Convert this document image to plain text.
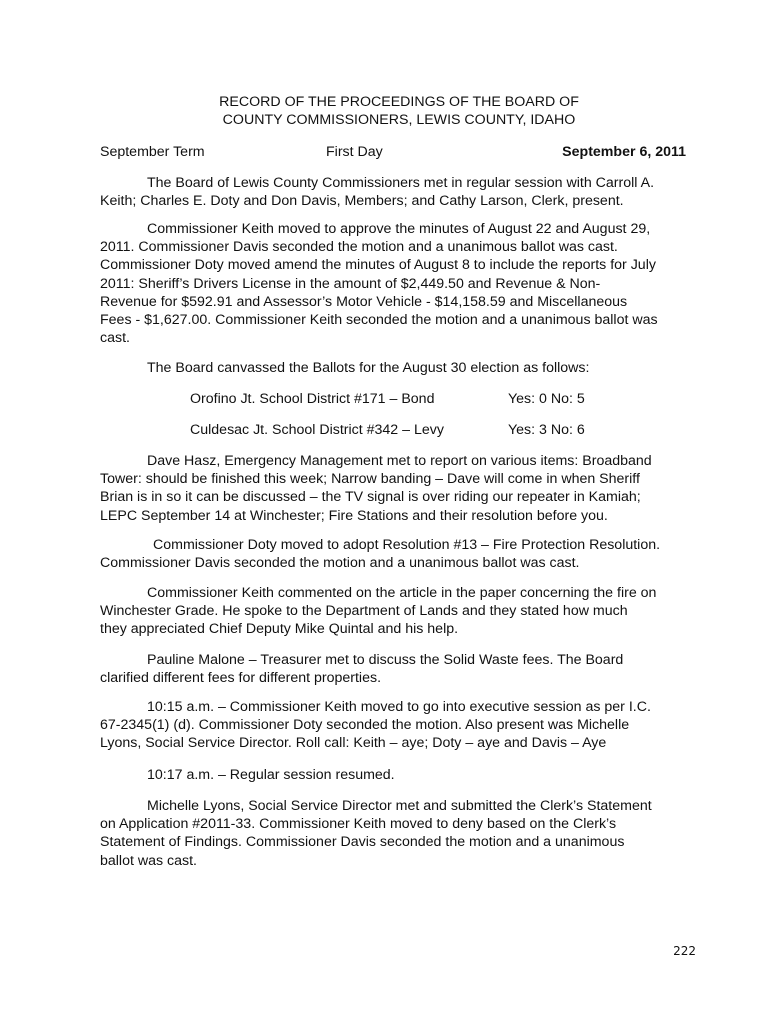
RECORD OF THE PROCEEDINGS OF THE BOARD OF
COUNTY COMMISSIONERS, LEWIS COUNTY, IDAHO
September Term	First Day	September 6, 2011
The Board of Lewis County Commissioners met in regular session with Carroll A.
Keith; Charles E. Doty and Don Davis, Members; and Cathy Larson, Clerk, present.
Commissioner Keith moved to approve the minutes of August 22 and August 29,
2011. Commissioner Davis seconded the motion and a unanimous ballot was cast.
Commissioner Doty moved amend the minutes of August 8 to include the reports for July
2011: Sheriff’s Drivers License in the amount of $2,449.50 and Revenue & Non-
Revenue for $592.91 and Assessor’s Motor Vehicle - $14,158.59 and Miscellaneous
Fees - $1,627.00. Commissioner Keith seconded the motion and a unanimous ballot was
cast.
The Board canvassed the Ballots for the August 30 election as follows:
Orofino Jt. School District #171 – Bond	Yes: 0 No: 5
Culdesac Jt. School District #342 – Levy	Yes: 3 No: 6
Dave Hasz, Emergency Management met to report on various items: Broadband
Tower: should be finished this week; Narrow banding – Dave will come in when Sheriff
Brian is in so it can be discussed – the TV signal is over riding our repeater in Kamiah;
LEPC September 14 at Winchester; Fire Stations and their resolution before you.
Commissioner Doty moved to adopt Resolution #13 – Fire Protection Resolution.
Commissioner Davis seconded the motion and a unanimous ballot was cast.
Commissioner Keith commented on the article in the paper concerning the fire on
Winchester Grade. He spoke to the Department of Lands and they stated how much
they appreciated Chief Deputy Mike Quintal and his help.
Pauline Malone – Treasurer met to discuss the Solid Waste fees. The Board
clarified different fees for different properties.
10:15 a.m. – Commissioner Keith moved to go into executive session as per I.C.
67-2345(1) (d). Commissioner Doty seconded the motion. Also present was Michelle
Lyons, Social Service Director. Roll call: Keith – aye; Doty – aye and Davis – Aye
10:17 a.m. – Regular session resumed.
Michelle Lyons, Social Service Director met and submitted the Clerk’s Statement
on Application #2011-33. Commissioner Keith moved to deny based on the Clerk’s
Statement of Findings. Commissioner Davis seconded the motion and a unanimous
ballot was cast.
222
